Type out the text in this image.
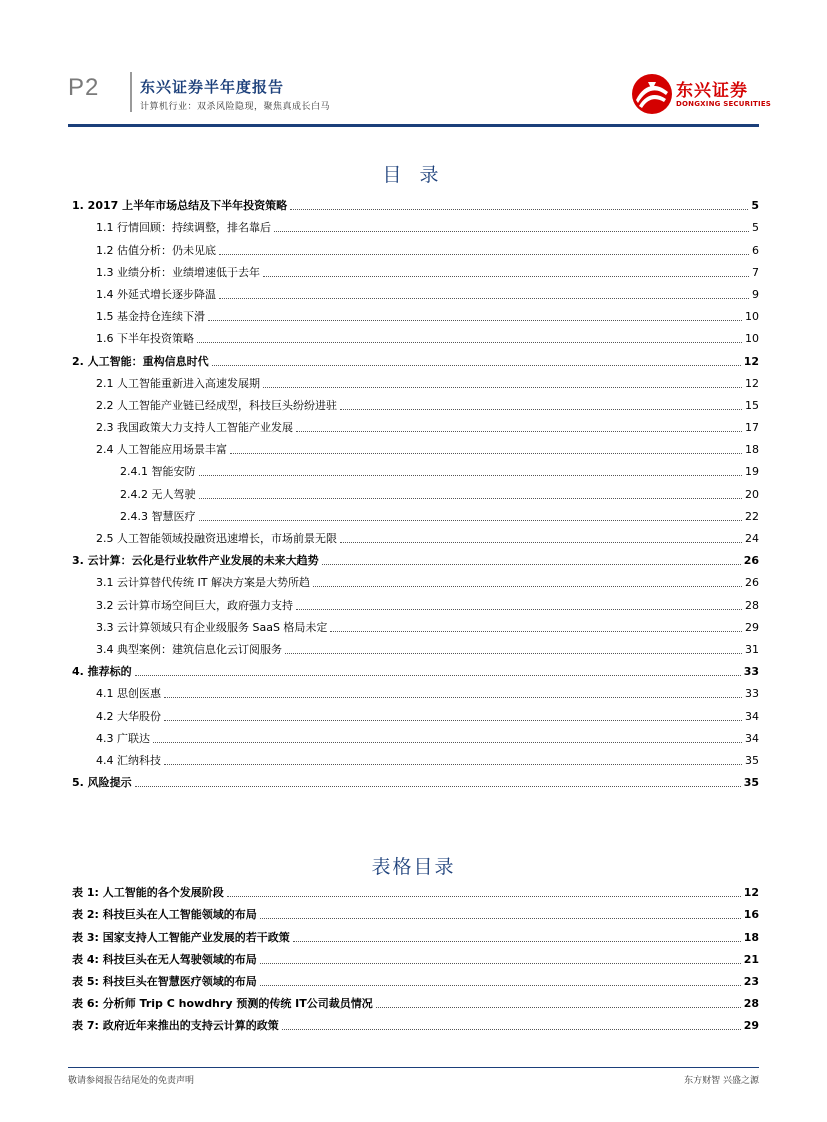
P2	东兴证券半年度报告
计算机行业：双杀风险隐现，聚焦真成长白马
东兴证券
DONGXING SECURITIES
目 录
1. 2017 上半年市场总结及下半年投资策略	5
1.1 行情回顾：持续调整，排名靠后	5
1.2 估值分析：仍未见底	6
1.3 业绩分析：业绩增速低于去年	7
1.4 外延式增长逐步降温	9
1.5 基金持仓连续下滑	10
1.6 下半年投资策略	10
2. 人工智能：重构信息时代	12
2.1 人工智能重新进入高速发展期	12
2.2 人工智能产业链已经成型，科技巨头纷纷进驻	15
2.3 我国政策大力支持人工智能产业发展	17
2.4 人工智能应用场景丰富	18
2.4.1 智能安防	19
2.4.2 无人驾驶	20
2.4.3 智慧医疗	22
2.5 人工智能领域投融资迅速增长，市场前景无限	24
3. 云计算：云化是行业软件产业发展的未来大趋势	26
3.1 云计算替代传统 IT 解决方案是大势所趋	26
3.2 云计算市场空间巨大，政府强力支持	28
3.3 云计算领域只有企业级服务 SaaS 格局未定	29
3.4 典型案例：建筑信息化云订阅服务	31
4. 推荐标的	33
4.1 思创医惠	33
4.2 大华股份	34
4.3 广联达	34
4.4 汇纳科技	35
5. 风险提示	35
表格目录
表 1: 人工智能的各个发展阶段	12
表 2: 科技巨头在人工智能领域的布局	16
表 3: 国家支持人工智能产业发展的若干政策	18
表 4: 科技巨头在无人驾驶领域的布局	21
表 5: 科技巨头在智慧医疗领域的布局	23
表 6: 分析师 Trip C howdhry 预测的传统 IT公司裁员情况	28
表 7: 政府近年来推出的支持云计算的政策	29
敬请参阅报告结尾处的免责声明	东方财智 兴盛之源
